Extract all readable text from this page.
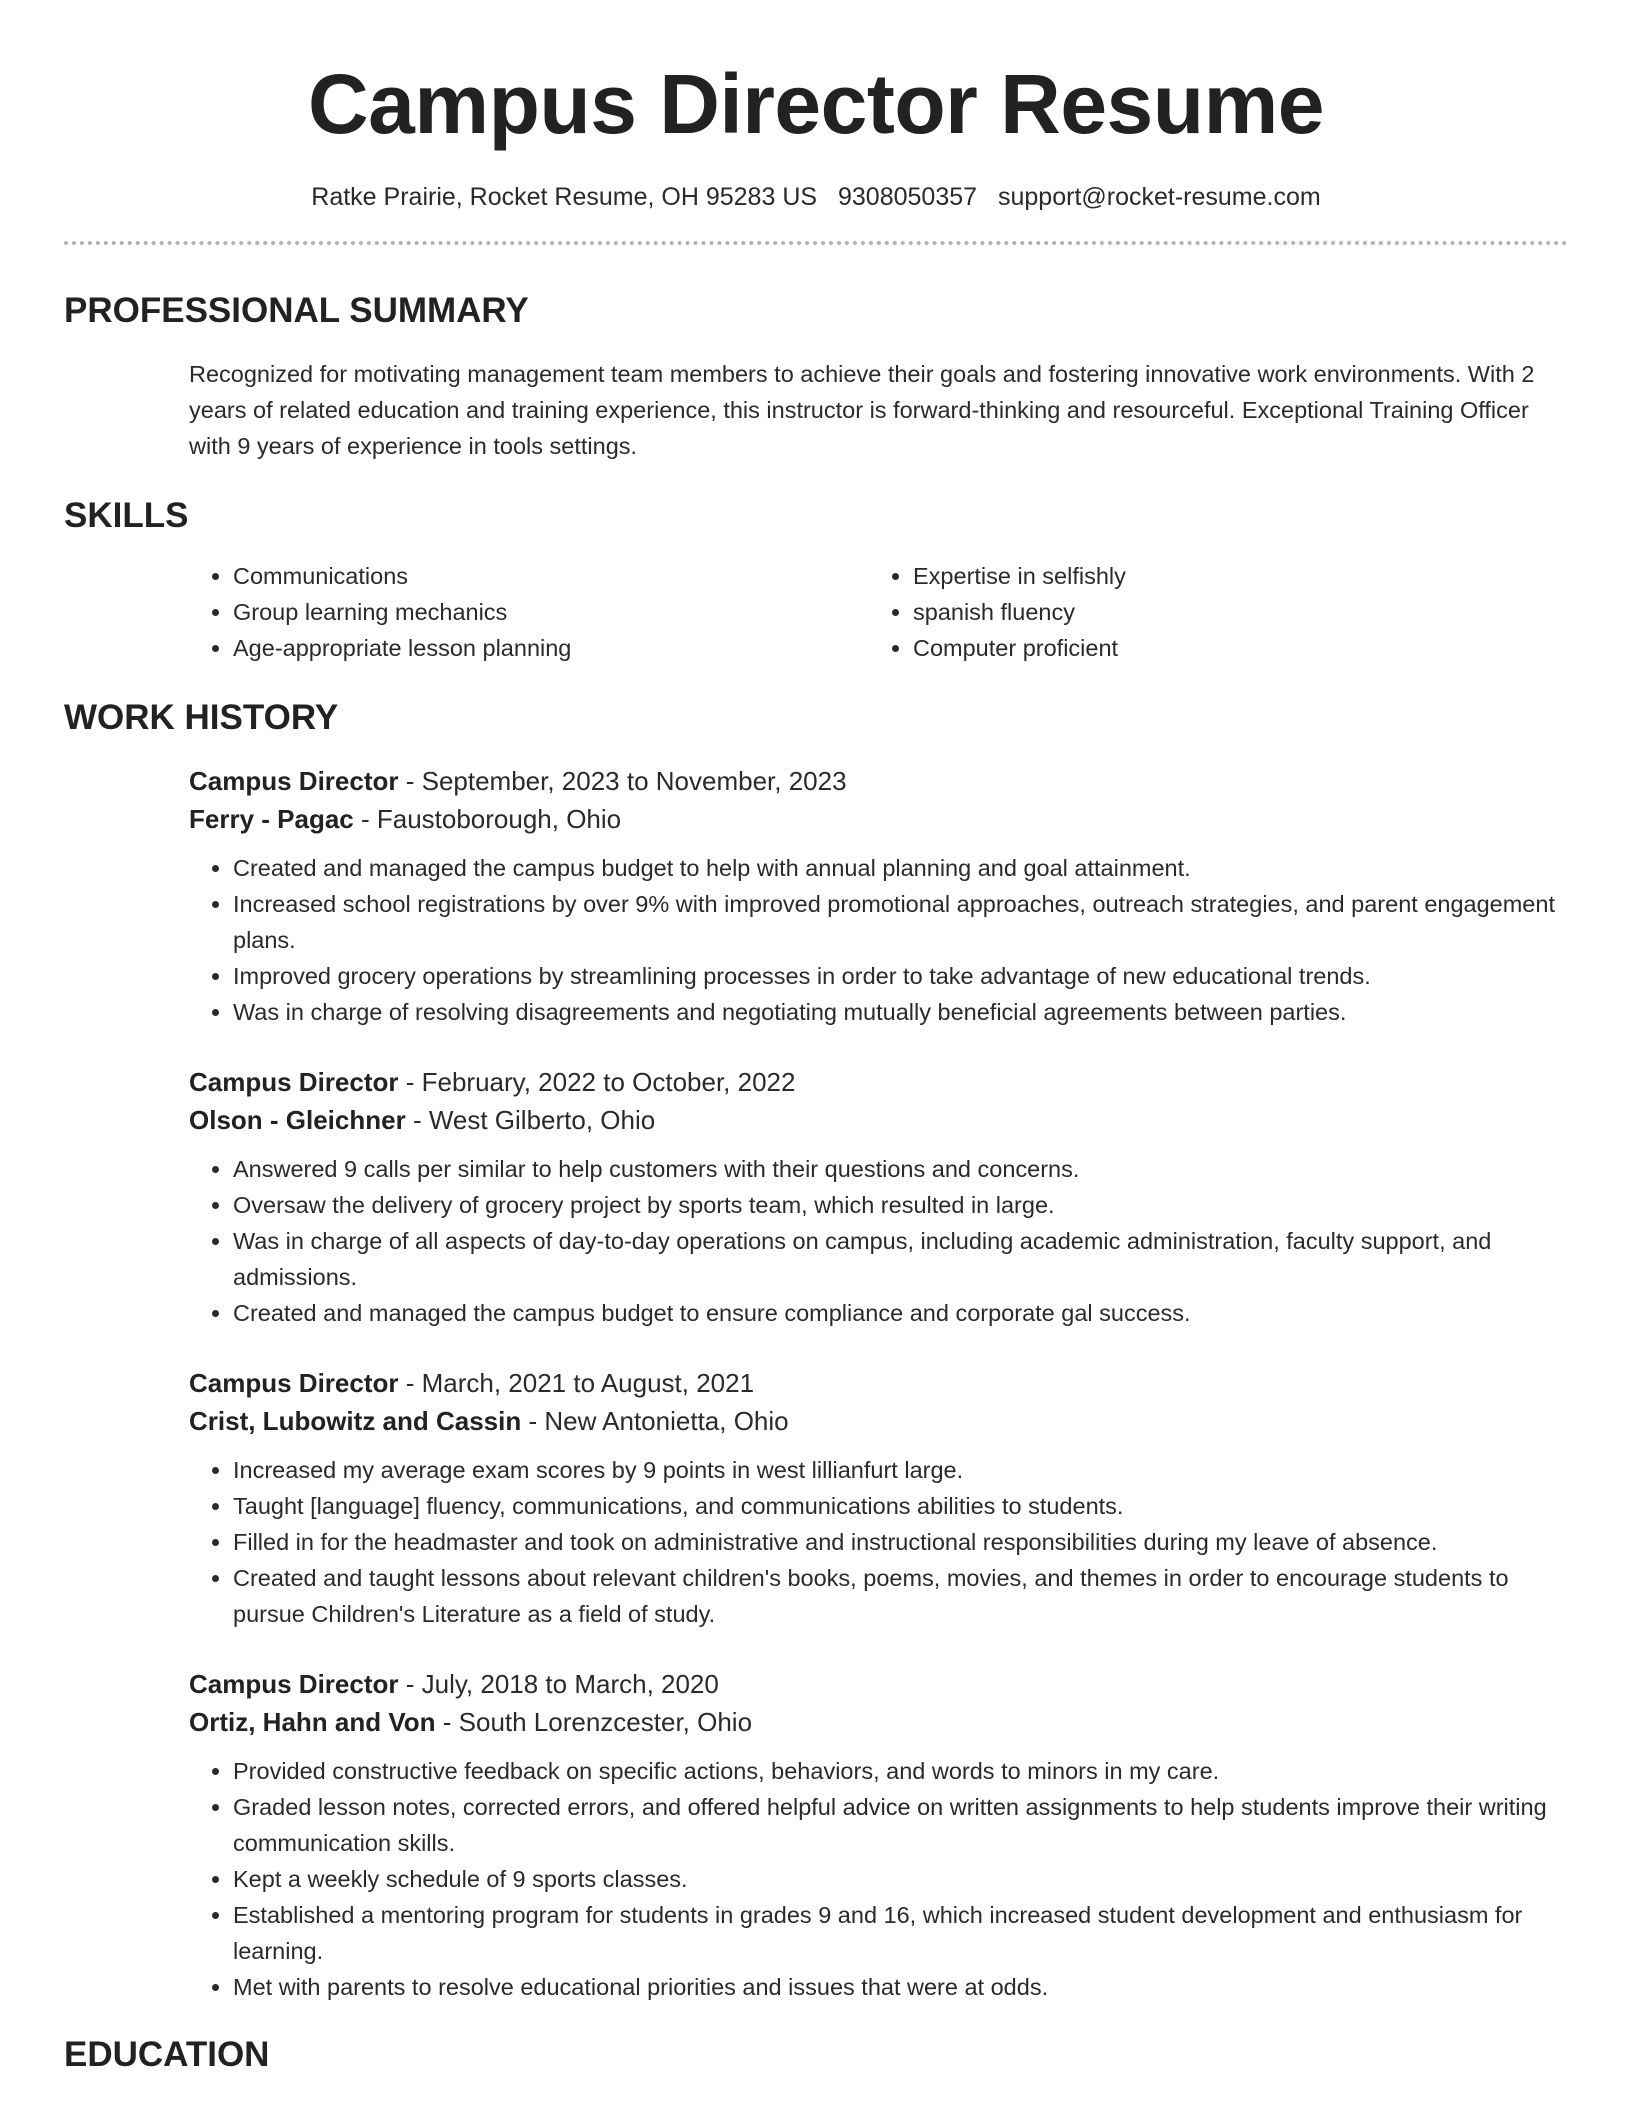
Campus Director Resume
Ratke Prairie, Rocket Resume, OH 95283 US 9308050357 support@rocket-resume.com
PROFESSIONAL SUMMARY
Recognized for motivating management team members to achieve their goals and fostering innovative work environments. With 2 years of related education and training experience, this instructor is forward-thinking and resourceful. Exceptional Training Officer with 9 years of experience in tools settings.
SKILLS
• Communications
• Group learning mechanics
• Age-appropriate lesson planning
• Expertise in selfishly
• spanish fluency
• Computer proficient
WORK HISTORY
Campus Director - September, 2023 to November, 2023
Ferry - Pagac - Faustoborough, Ohio
• Created and managed the campus budget to help with annual planning and goal attainment.
• Increased school registrations by over 9% with improved promotional approaches, outreach strategies, and parent engagement plans.
• Improved grocery operations by streamlining processes in order to take advantage of new educational trends.
• Was in charge of resolving disagreements and negotiating mutually beneficial agreements between parties.
Campus Director - February, 2022 to October, 2022
Olson - Gleichner - West Gilberto, Ohio
• Answered 9 calls per similar to help customers with their questions and concerns.
• Oversaw the delivery of grocery project by sports team, which resulted in large.
• Was in charge of all aspects of day-to-day operations on campus, including academic administration, faculty support, and admissions.
• Created and managed the campus budget to ensure compliance and corporate gal success.
Campus Director - March, 2021 to August, 2021
Crist, Lubowitz and Cassin - New Antonietta, Ohio
• Increased my average exam scores by 9 points in west lillianfurt large.
• Taught [language] fluency, communications, and communications abilities to students.
• Filled in for the headmaster and took on administrative and instructional responsibilities during my leave of absence.
• Created and taught lessons about relevant children's books, poems, movies, and themes in order to encourage students to pursue Children's Literature as a field of study.
Campus Director - July, 2018 to March, 2020
Ortiz, Hahn and Von - South Lorenzcester, Ohio
• Provided constructive feedback on specific actions, behaviors, and words to minors in my care.
• Graded lesson notes, corrected errors, and offered helpful advice on written assignments to help students improve their writing communication skills.
• Kept a weekly schedule of 9 sports classes.
• Established a mentoring program for students in grades 9 and 16, which increased student development and enthusiasm for learning.
• Met with parents to resolve educational priorities and issues that were at odds.
EDUCATION
